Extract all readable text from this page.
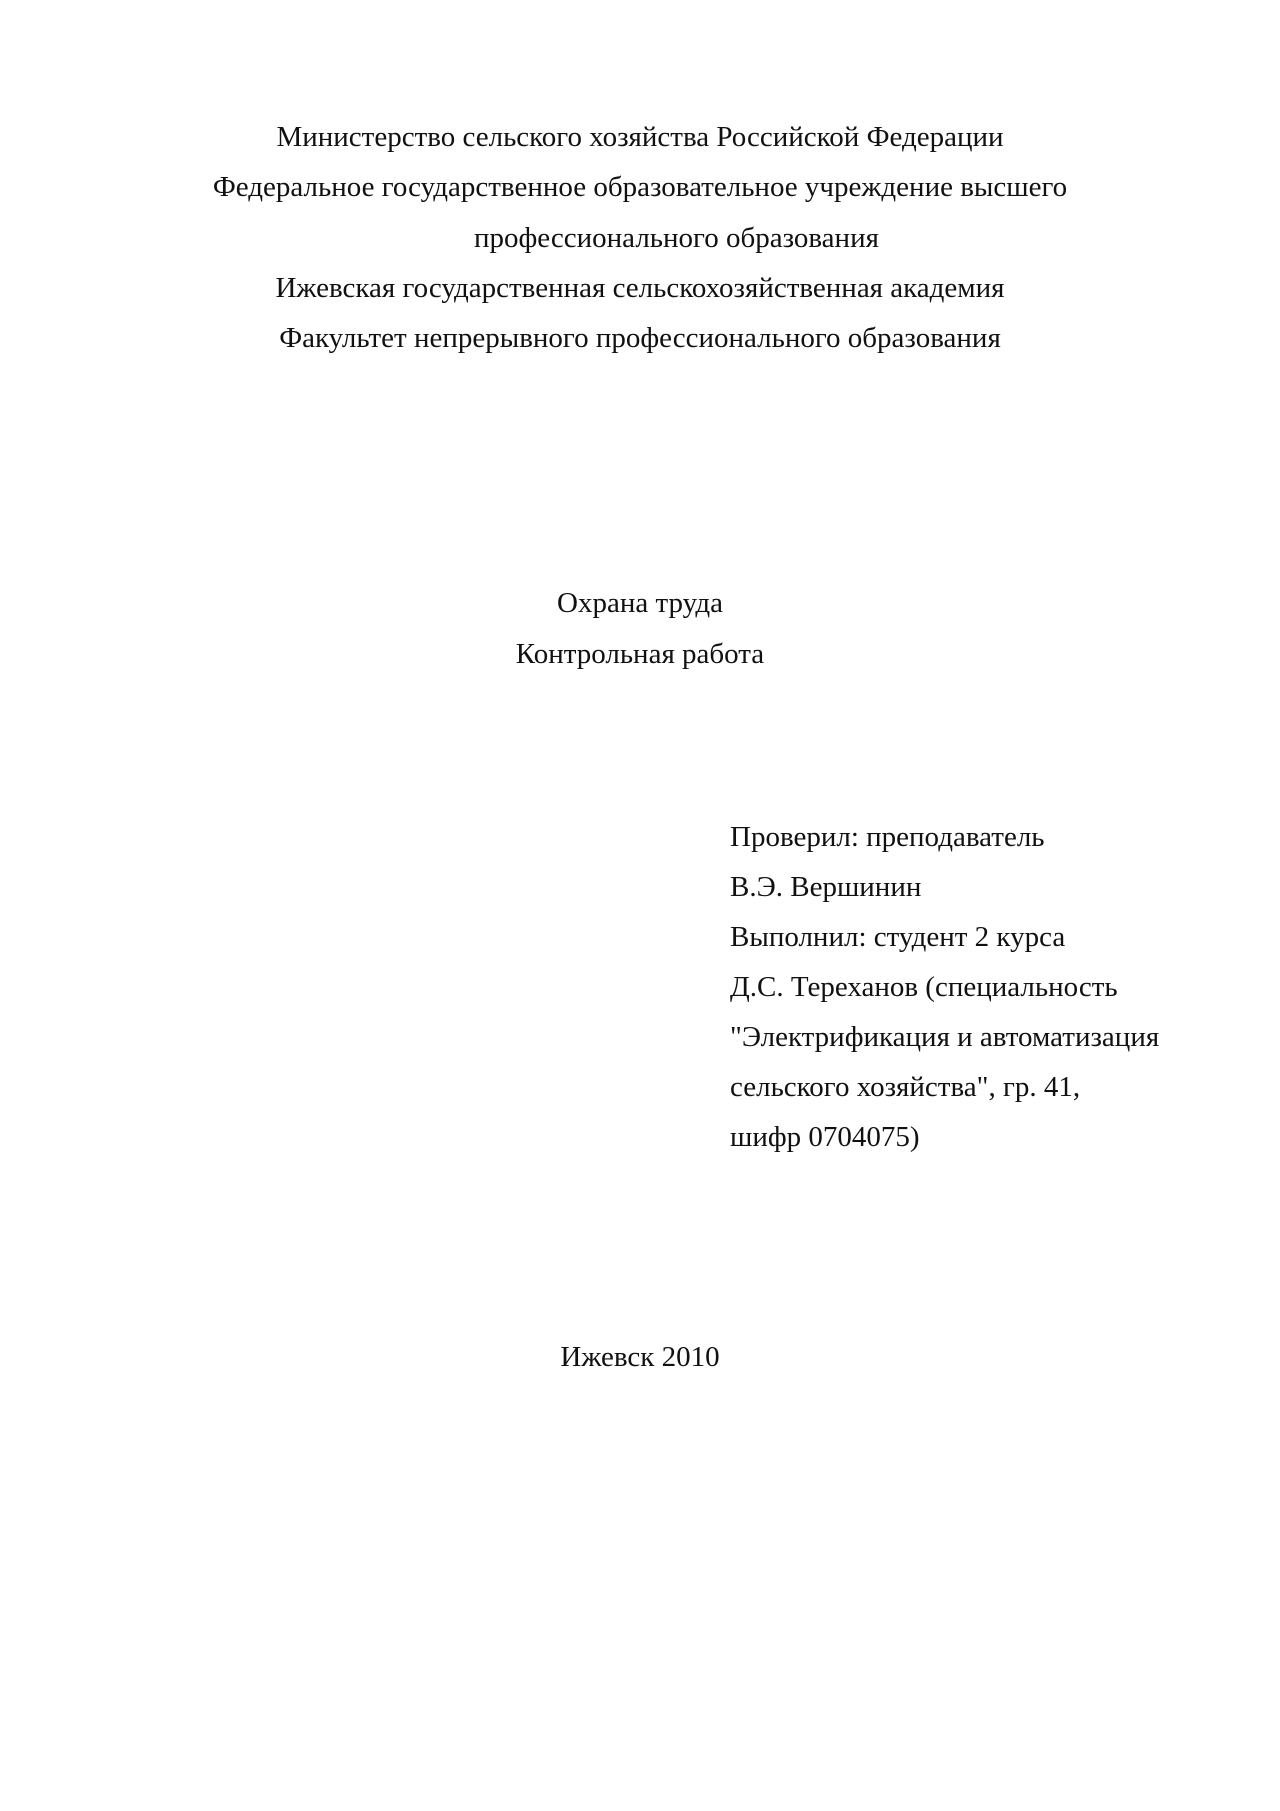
Министерство сельского хозяйства Российской Федерации
Федеральное государственное образовательное учреждение высшего
профессионального образования
Ижевская государственная сельскохозяйственная академия
Факультет непрерывного профессионального образования
Охрана труда
Контрольная работа
Проверил: преподаватель
В.Э. Вершинин
Выполнил: студент 2 курса
Д.С. Тереханов (специальность
"Электрификация и автоматизация
сельского хозяйства", гр. 41,
шифр 0704075)
Ижевск 2010
